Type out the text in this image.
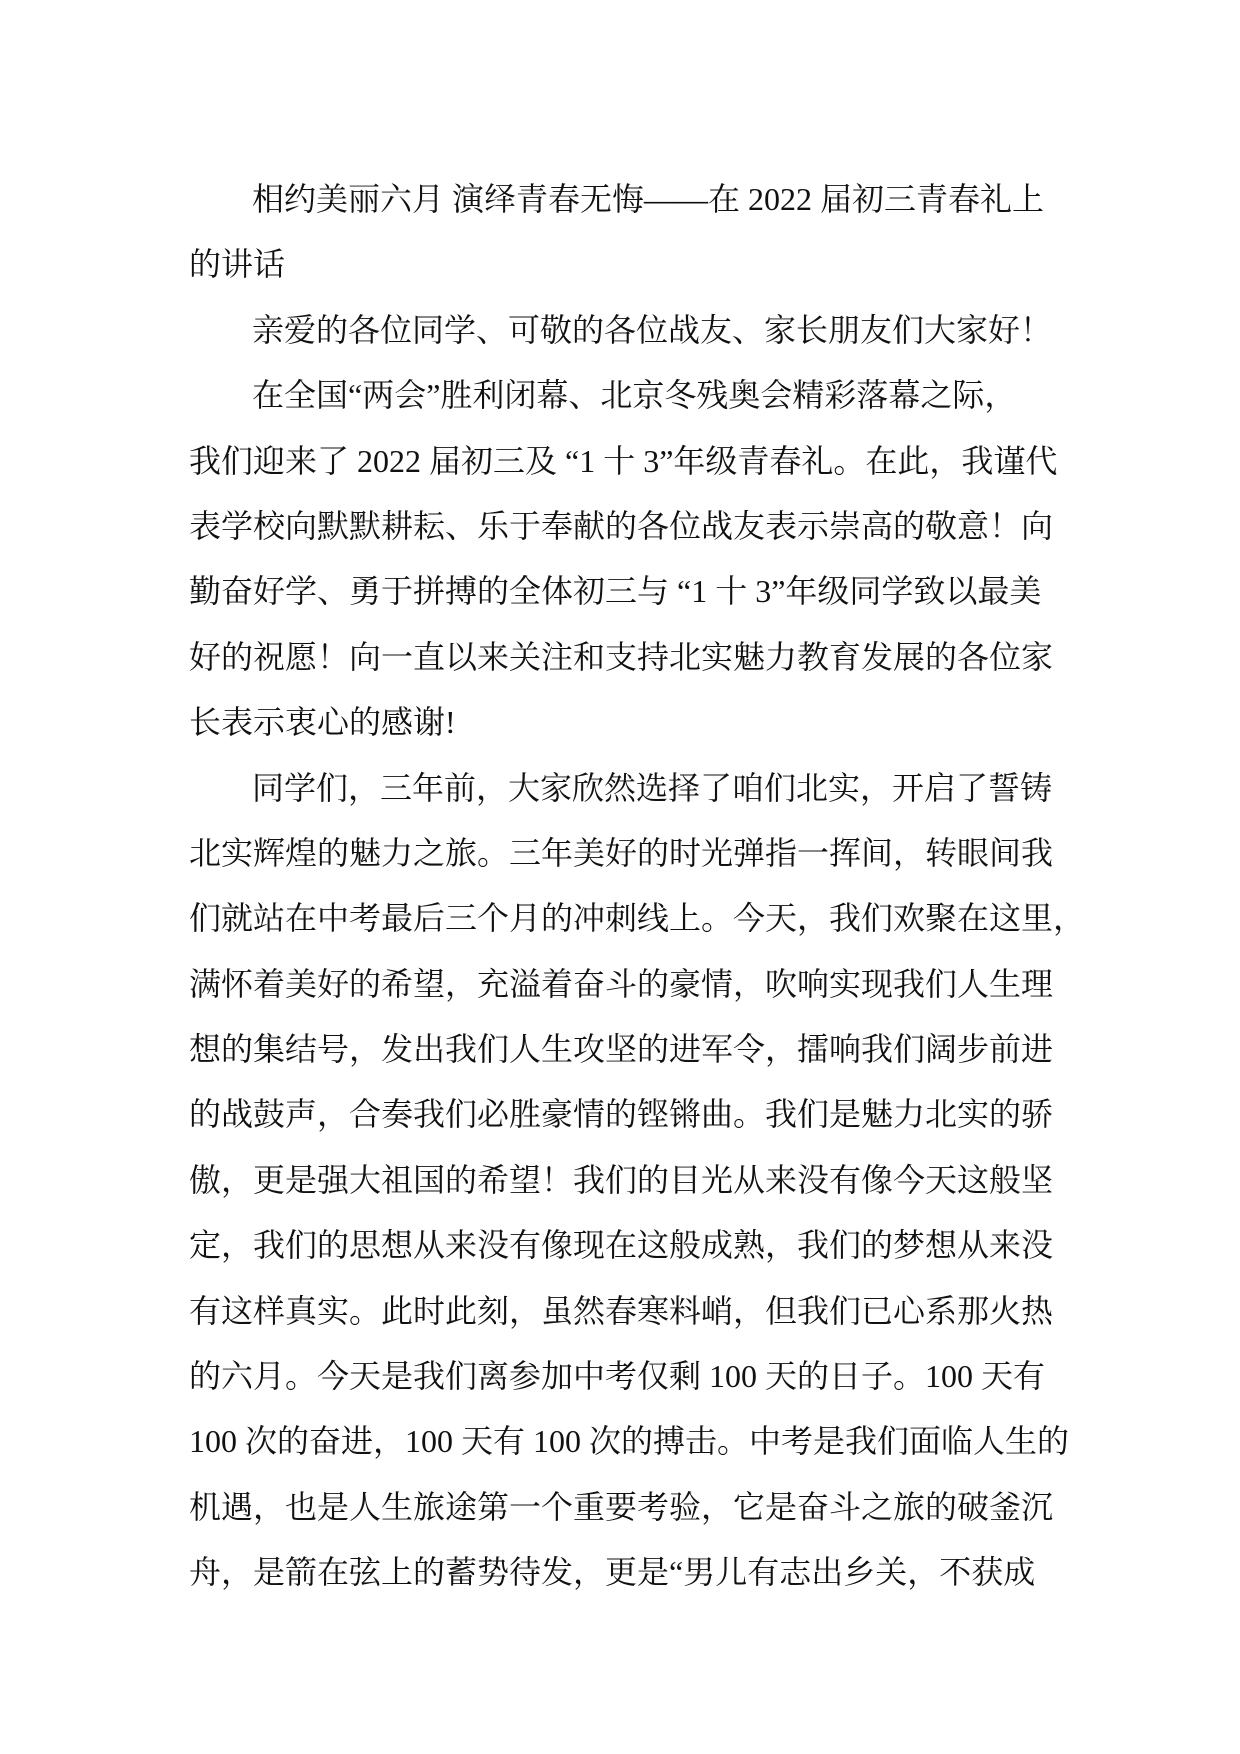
相约美丽六月 演绎青春无悔——在 2022 届初三青春礼上
的讲话
亲爱的各位同学、可敬的各位战友、家长朋友们大家好！
在全国“两会”胜利闭幕、北京冬残奥会精彩落幕之际，
我们迎来了 2022 届初三及 “1 十 3”年级青春礼。在此，我谨代
表学校向默默耕耘、乐于奉献的各位战友表示崇高的敬意！向
勤奋好学、勇于拼搏的全体初三与 “1 十 3”年级同学致以最美
好的祝愿！向一直以来关注和支持北实魅力教育发展的各位家
长表示衷心的感谢!
同学们，三年前，大家欣然选择了咱们北实，开启了誓铸
北实辉煌的魅力之旅。三年美好的时光弹指一挥间，转眼间我
们就站在中考最后三个月的冲刺线上。今天，我们欢聚在这里，
满怀着美好的希望，充溢着奋斗的豪情，吹响实现我们人生理
想的集结号，发出我们人生攻坚的进军令，擂响我们阔步前进
的战鼓声，合奏我们必胜豪情的铿锵曲。我们是魅力北实的骄
傲，更是强大祖国的希望！我们的目光从来没有像今天这般坚
定，我们的思想从来没有像现在这般成熟，我们的梦想从来没
有这样真实。此时此刻，虽然春寒料峭，但我们已心系那火热
的六月。今天是我们离参加中考仅剩 100 天的日子。100 天有
100 次的奋进，100 天有 100 次的搏击。中考是我们面临人生的
机遇，也是人生旅途第一个重要考验，它是奋斗之旅的破釜沉
舟，是箭在弦上的蓄势待发，更是“男儿有志出乡关，不获成
